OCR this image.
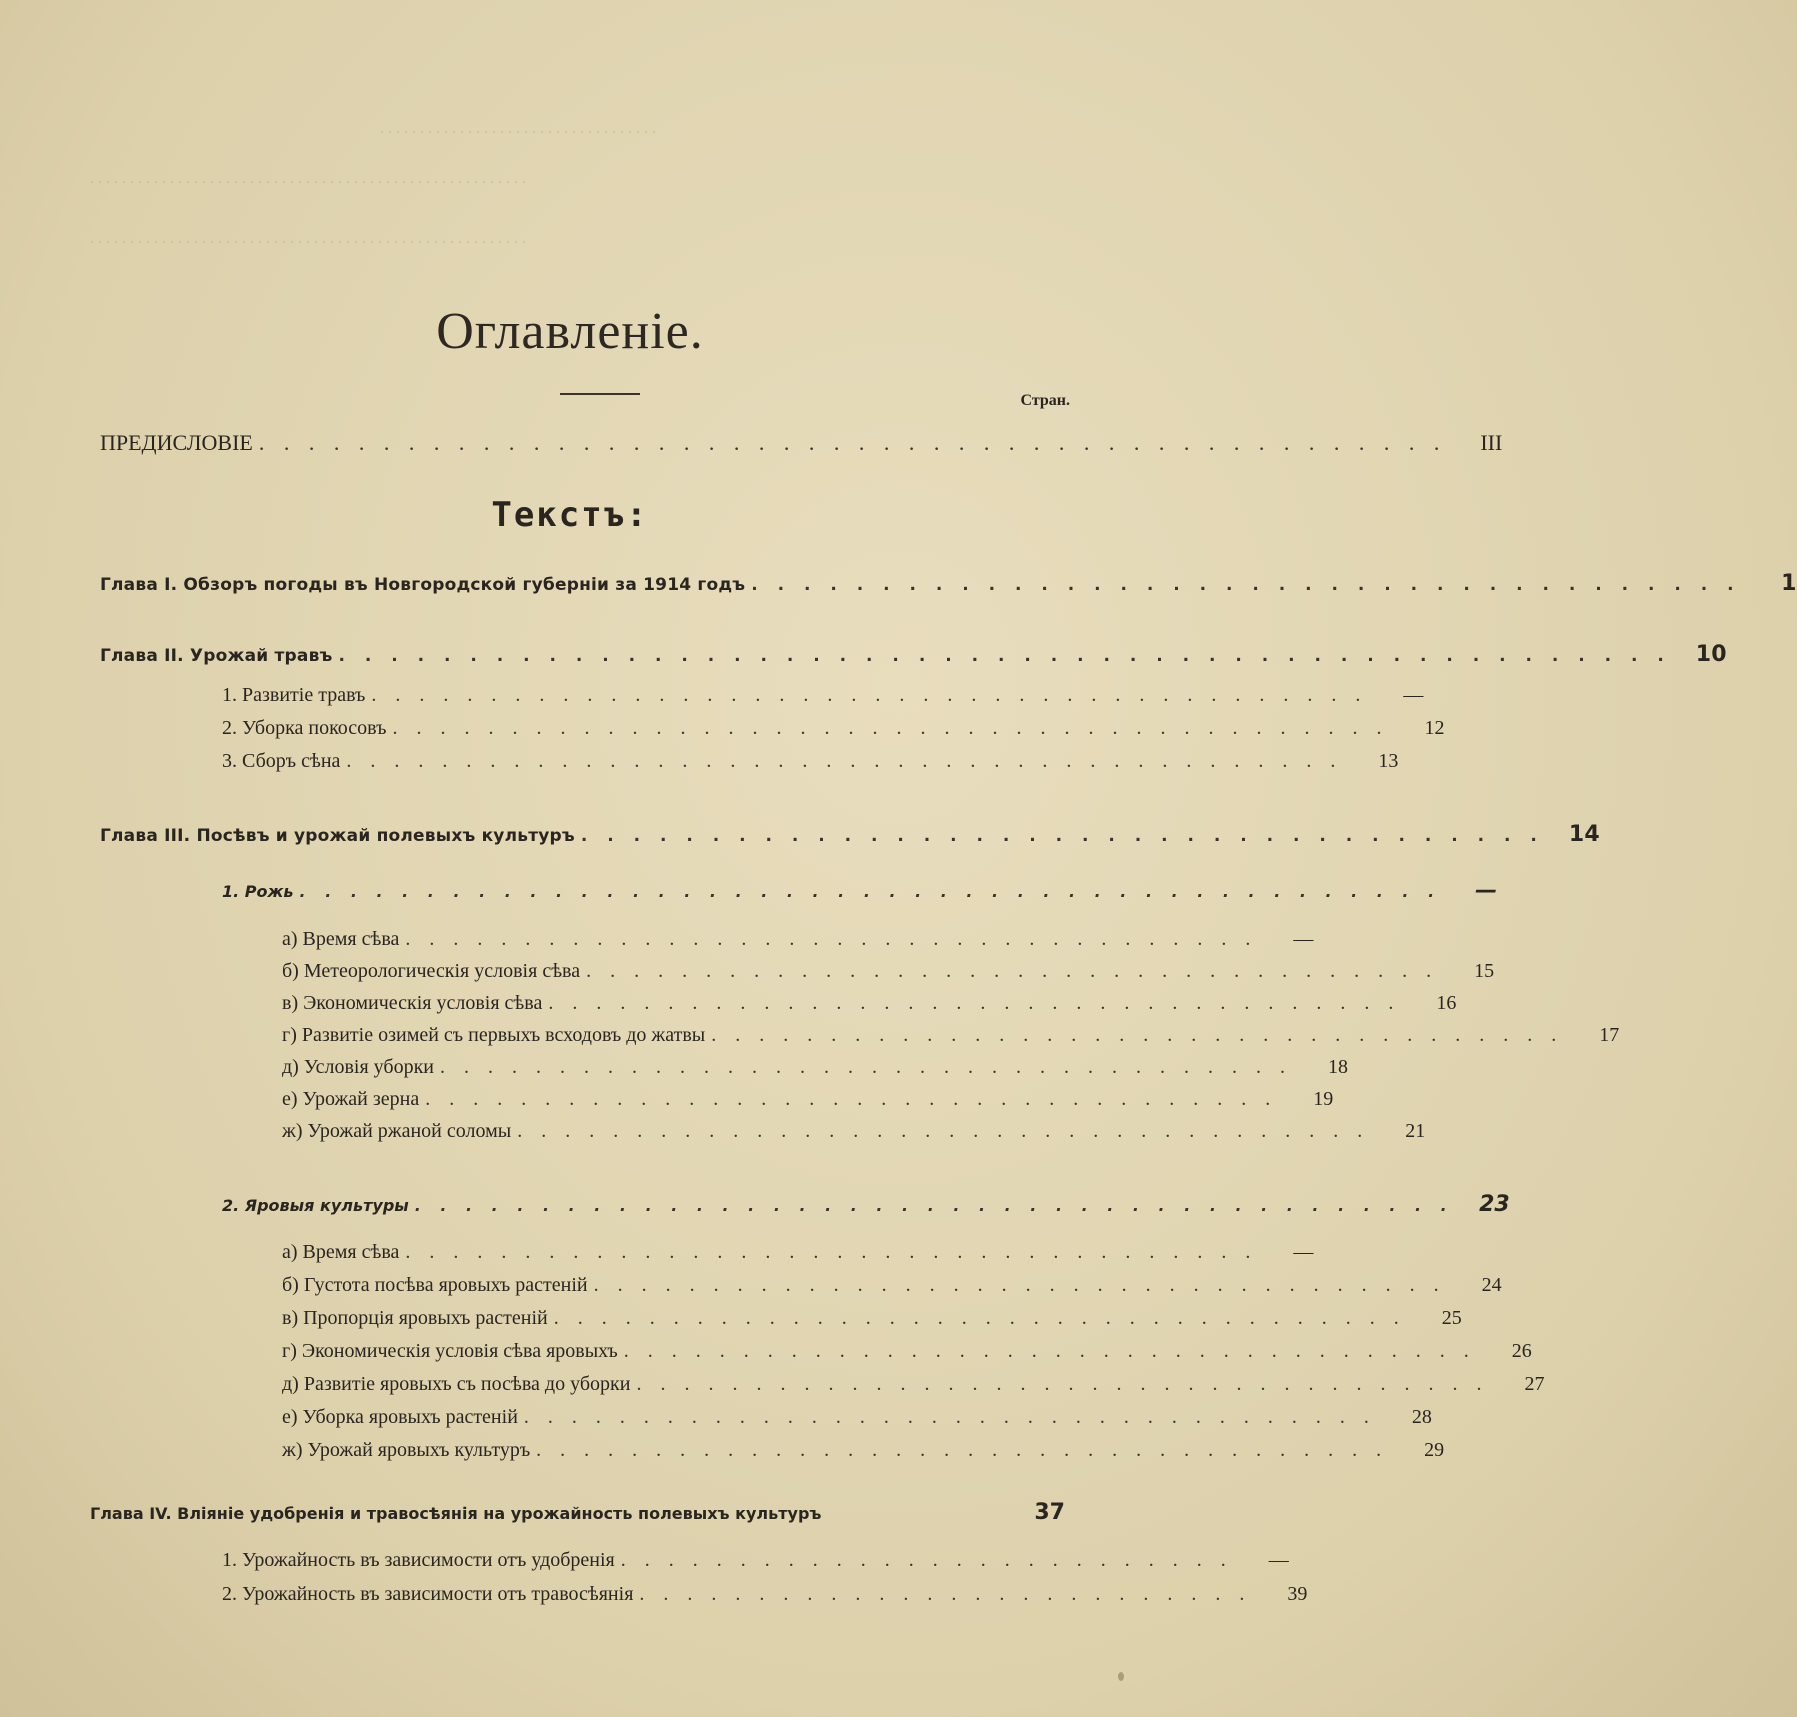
. . . . . . . . . . . . . . . . . . . . . . . . . . . . . . . . . . .
. . . . . . . . . . . . . . . . . . . . . . . . . . . . . . . . . . . . . . . . . . . . . . . . . . . . . . .
. . . . . . . . . . . . . . . . . . . . . . . . . . . . . . . . . . . . . . . . . . . . . . . . . . . . . . .
Оглавленіе.
Стран.
ПРЕДИСЛОВІЕ . . . . . . . . . . . . . . . . . . . . . . . . . . . . . . . . . . . . . . . . . . . . . . . .	III
Текстъ:
Глава I. Обзоръ погоды въ Новгородской губерніи за 1914 годъ . . . . . . . . . . . . . . . . . . . . . . . . . . . . . . . . . . . . . .	1
Глава II. Урожай травъ . . . . . . . . . . . . . . . . . . . . . . . . . . . . . . . . . . . . . . . . . . . . . . . . . . .	10
1. Развитіе травъ . . . . . . . . . . . . . . . . . . . . . . . . . . . . . . . . . . . . . . . . . .	—
2. Уборка покосовъ . . . . . . . . . . . . . . . . . . . . . . . . . . . . . . . . . . . . . . . . . .	12
3. Сборъ сѣна . . . . . . . . . . . . . . . . . . . . . . . . . . . . . . . . . . . . . . . . . .	13
Глава III. Посѣвъ и урожай полевыхъ культуръ . . . . . . . . . . . . . . . . . . . . . . . . . . . . . . . . . . . . .	14
1. Рожь . . . . . . . . . . . . . . . . . . . . . . . . . . . . . . . . . . . . . . . . . . . . .	—
а) Время сѣва . . . . . . . . . . . . . . . . . . . . . . . . . . . . . . . . . . . .	—
б) Метеорологическія условія сѣва . . . . . . . . . . . . . . . . . . . . . . . . . . . . . . . . . . . .	15
в) Экономическія условія сѣва . . . . . . . . . . . . . . . . . . . . . . . . . . . . . . . . . . . .	16
г) Развитіе озимей съ первыхъ всходовъ до жатвы . . . . . . . . . . . . . . . . . . . . . . . . . . . . . . . . . . . .	17
д) Условія уборки . . . . . . . . . . . . . . . . . . . . . . . . . . . . . . . . . . . .	18
е) Урожай зерна . . . . . . . . . . . . . . . . . . . . . . . . . . . . . . . . . . . .	19
ж) Урожай ржаной соломы . . . . . . . . . . . . . . . . . . . . . . . . . . . . . . . . . . . .	21
2. Яровыя культуры . . . . . . . . . . . . . . . . . . . . . . . . . . . . . . . . . . . . . . . . .	23
а) Время сѣва . . . . . . . . . . . . . . . . . . . . . . . . . . . . . . . . . . . .	—
б) Густота посѣва яровыхъ растеній . . . . . . . . . . . . . . . . . . . . . . . . . . . . . . . . . . . .	24
в) Пропорція яровыхъ растеній . . . . . . . . . . . . . . . . . . . . . . . . . . . . . . . . . . . .	25
г) Экономическія условія сѣва яровыхъ . . . . . . . . . . . . . . . . . . . . . . . . . . . . . . . . . . . .	26
д) Развитіе яровыхъ съ посѣва до уборки . . . . . . . . . . . . . . . . . . . . . . . . . . . . . . . . . . . .	27
е) Уборка яровыхъ растеній . . . . . . . . . . . . . . . . . . . . . . . . . . . . . . . . . . . .	28
ж) Урожай яровыхъ культуръ . . . . . . . . . . . . . . . . . . . . . . . . . . . . . . . . . . . .	29
Глава IV. Вліяніе удобренія и травосѣянія на урожайность полевыхъ культуръ	37
1. Урожайность въ зависимости отъ удобренія . . . . . . . . . . . . . . . . . . . . . . . . . .	—
2. Урожайность въ зависимости отъ травосѣянія . . . . . . . . . . . . . . . . . . . . . . . . . .	39
